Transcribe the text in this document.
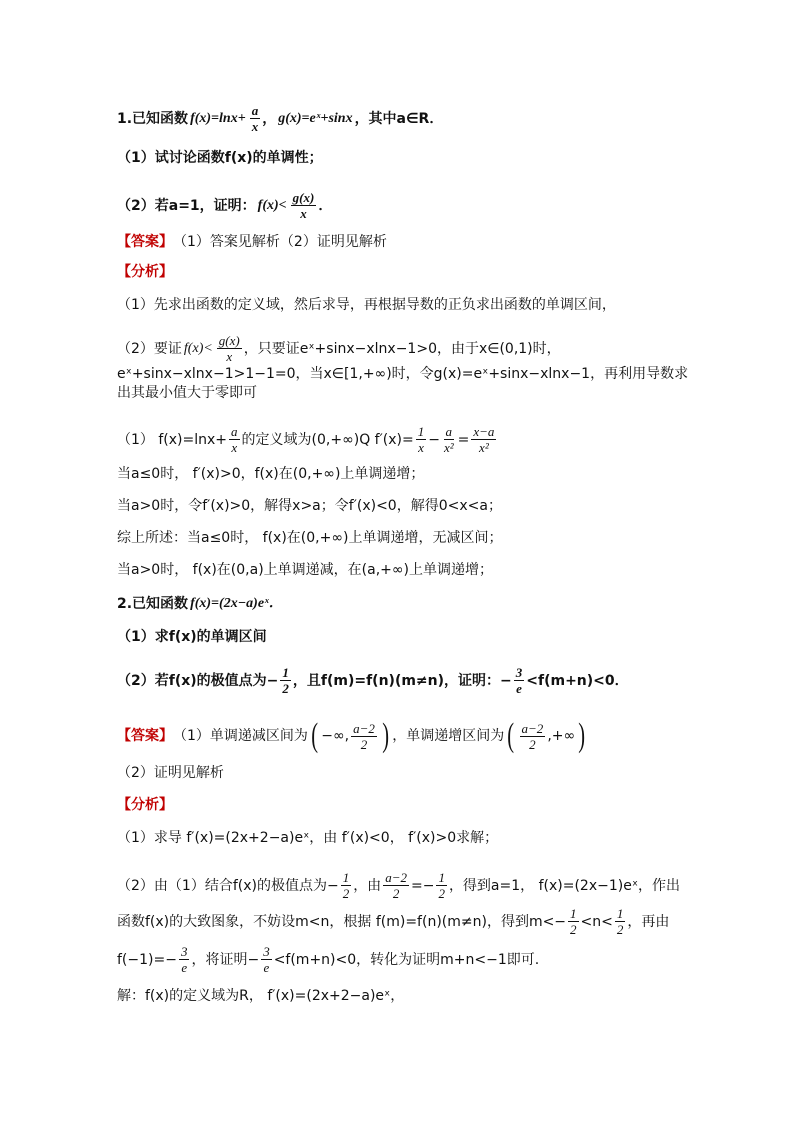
1.已知函数 $f(x)=\ln x+ \frac{a}{x}$ ， g(x)=eˣ+sinx ，其中a∈R．
（1）试讨论函数f(x)的单调性；
（2）若a=1，证明： $f(x)< \frac{g(x)}{x}$ ．
【答案】 （1）答案见解析（2）证明见解析
【分析】
（1）先求出函数的定义域，然后求导，再根据导数的正负求出函数的单调区间，
（2）要证 $f(x)< \frac{g(x)}{x}$ ，只要证eˣ+sinx−xlnx−1>0，由于x∈(0,1)时，
eˣ+sinx−xlnx−1>1−1=0，当x∈[1,+∞)时，令g(x)=eˣ+sinx−xlnx−1，再利用导数求
出其最小值大于零即可
（1） $f(x)=\ln x+ \frac{a}{x}$ 的定义域为(0,+∞)Q $f'(x)= \frac{1}{x} - \frac{a}{\text{x²}} = \frac{x-a}{\text{x²}}$
当a≤0时， f′(x)>0，f(x)在(0,+∞)上单调递增；
当a>0时，令f′(x)>0，解得x>a；令f′(x)<0，解得0<x<a；
综上所述：当a≤0时， f(x)在(0,+∞)上单调递增，无减区间；
当a>0时， f(x)在(0,a)上单调递减，在(a,+∞)上单调递增；
2.已知函数 f(x)=(2x−a)eˣ．
（1）求f(x)的单调区间
（2）若f(x)的极值点为− $\frac{1}{2}$ ，且f(m)=f(n)(m≠n)，证明：− $\frac{3}{e} <f(m+n)<0$．
【答案】 （1）单调递减区间为 ( −∞, $\frac{a-2}{2}$ ) ，单调递增区间为 ( $\frac{a-2}{2}$ ,+∞ )
（2）证明见解析
【分析】
（1）求导 f′(x)=(2x+2−a)eˣ，由 f′(x)<0， f′(x)>0求解；
（2）由（1）结合f(x)的极值点为− $\frac{1}{2}$ ，由 $\frac{a-2}{2} =- \frac{1}{2}$ ，得到a=1， f(x)=(2x−1)eˣ，作出
函数f(x)的大致图象，不妨设m<n，根据 f(m)=f(n)(m≠n)，得到$m<- \frac{1}{2} <n< \frac{1}{2}$ ，再由
$f(-1)=- \frac{3}{e}$ ，将证明− $\frac{3}{e} <f(m+n)<0$，转化为证明m+n<−1即可.
解：f(x)的定义域为R， f′(x)=(2x+2−a)eˣ，
